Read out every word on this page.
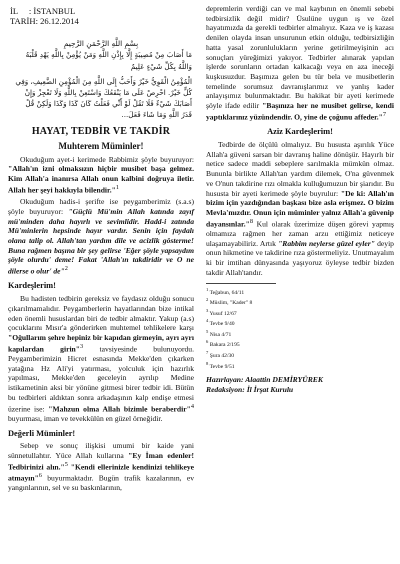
İL     : İSTANBUL
TARİH: 26.12.2014
بِسْمِ اللَّهِ الرَّحْمَنِ الرَّحِيمِ
مَا أَصَابَ مِنْ مُصِيبَةٍ إِلَّا بِإِذْنِ اللَّهِ وَمَنْ يُؤْمِنْ بِاللَّهِ يَهْدِ قَلْبَهُ وَاللَّهُ بِكُلِّ شَيْءٍ عَلِيمٌ
الْمُؤْمِنُ الْقَوِيُّ خَيْرٌ وَأَحَبُّ إِلَى اللَّهِ مِنَ الْمُؤْمِنِ الضَّعِيفِ، وَفِي كُلٍّ خَيْرٌ. احْرِصْ عَلَى مَا يَنْفَعُكَ وَاسْتَعِنْ بِاللَّهِ وَلَا تَعْجِزْ وَإِنْ أَصَابَكَ شَيْءٌ فَلَا تَقُلْ لَوْ أَنِّي فَعَلْتُ كَانَ كَذَا وَكَذَا وَلَكِنْ قُلْ
قَدَرُ اللَّهِ وَمَا شَاءَ فَعَلَ...
HAYAT, TEDBİR VE TAKDİR
Muhterem Müminler!

Okuduğum ayet-i kerimede Rabbimiz şöyle buyuruyor: "Allah'ın izni olmaksızın hiçbir musibet başa gelmez. Kim Allah'a inanırsa Allah onun kalbini doğruya iletir. Allah her şeyi hakkıyla bilendir."$^1$

Okuduğum hadis-i şerifte ise peygamberimiz (s.a.s) şöyle buyuruyor: "Güçlü Mü'min Allah katında zayıf mü'minden daha hayırlı ve sevimlidir. Hadd-i zatında Mü'minlerin hepsinde hayır vardır. Senin için faydalı olana talip ol. Allah'tan yardım dile ve acizlik gösterme! Buna rağmen başına bir şey gelirse 'Eğer şöyle yapsaydım şöyle olurdu' deme! Fakat 'Allah'ın takdiridir ve O ne dilerse o olur' de"$^2$

Kardeşlerim!

Bu hadisten tedbirin gereksiz ve faydasız olduğu sonucu çıkarılmamalıdır. Peygamberlerin hayatlarından bize intikal eden önemli hususlardan biri de tedbir almaktır. Yakup (a.s) çocuklarını Mısır'a gönderirken muhtemel tehlikelere karşı "Oğullarım şehre hepiniz bir kapıdan girmeyin, ayrı ayrı kapılardan girin"$^3$ tavsiyesinde bulunuyordu. Peygamberimizin Hicret esnasında Mekke'den çıkarken yatağına Hz Ali'yi yatırması, yolculuk için hazırlık yapılması, Mekke'den geceleyin ayrılıp Medine istikametinin aksi bir yönüne gitmesi birer tedbir idi. Bütün bu tedbirleri aldıktan sonra arkadaşının kalp endişe etmesi üzerine ise: "Mahzun olma Allah bizimle beraberdir"$^4$ buyurması, iman ve tevekkülün en güzel örneğidir.

Değerli Müminler!

Sebep ve sonuç ilişkisi umumi bir kaide yani sünnetullahtır. Yüce Allah kullarına "Ey İman edenler! Tedbirinizi alın."$^5$ "Kendi ellerinizle kendinizi tehlikeye atmayın"$^6$ buyurmaktadır. Bugün trafik kazalarının, ev yangınlarının, sel ve su baskınlarının,

depremlerin verdiği can ve mal kaybının en önemli sebebi tedbirsizlik değil midir? Üsulüne uygun ış ve özel hayatımızda da gerekli tedbirler almalıyız. Kaza ve iş kazası denilen olayda insan unsurunun etkin olduğu, tedbirsizliğin hatta yasal zorunlulukların yerine getirilmeyişinin acı sonuçları yüreğimizi yakıyor. Tedbirler alınarak yapılan işlerde sorunların ortadan kalkacağı veya en aza ineceği kuşkusuzdur. Başımıza gelen bu tür bela ve musibetlerin temelinde sorumsuz davranışlarımız ve yanlış kader anlayışımız bulunmaktadır. Bu hakikat bir ayeti kerimede şöyle ifade edilir "Başınıza her ne musibet gelirse, kendi yaptıklarınız yüzündendir. O, yine de çoğunu affeder."$^7$

Aziz Kardeşlerim!

Tedbirde de ölçülü olmalıyız. Bu hususta aşırılık Yüce Allah'a güveni sarsan bir davranış haline dönüşür. Hayırlı bir netice sadece maddi sebeplere sarılmakla mümkün olmaz. Bununla birlikte Allah'tan yardım dilemek, O'na güvenmek ve O'nun takdirine rızı olmakla kulluğumuzun bir şiarıdır. Bu hususta bir ayeti kerimede şöyle buyrulur: "De ki: Allah'ın bizim için yazdığından başkası bize asla erişmez. O bizim Mevla'mızdır. Onun için müminler yalnız Allah'a güvenip dayansınlar."$^8$ Kul olarak üzerimize düşen görevi yapmış olmamıza rağmen her zaman arzu ettiğimiz neticeye ulaşamayabiliriz. Artık "Rabbim neylerse güzel eyler" deyip onun hikmetine ve takdirine rıza göstermeliyiz. Unutmayalım ki bir imtihan dünyasında yaşıyoruz öyleyse tedbir bizden takdir Allah'tandır.

$^1$ Teğabun, 64/11
$^2$ Müslim, "Kader" 8
$^3$ Yusuf 12/67
$^4$ Tevbe 9/40
$^5$ Nisa 4/71
$^6$ Bakara 2/195
$^7$ Şura 42/30
$^8$ Tevbe 9/51
Hazırlayan: Alaattin DEMİRYÜREK
Redaksiyon: İl İrşat Kurulu
